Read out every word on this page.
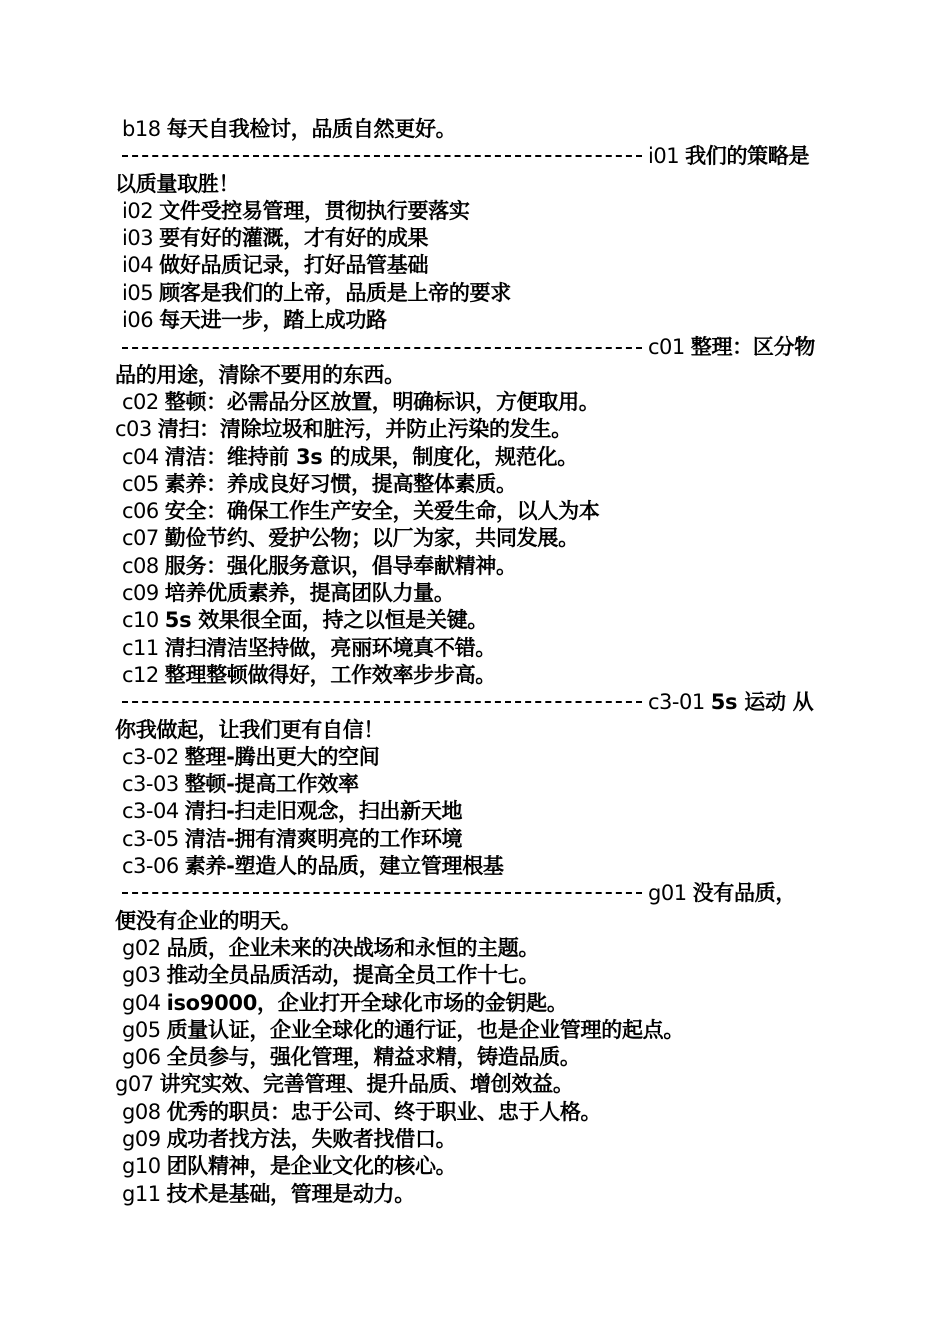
b18 每天自我检讨，品质自然更好。
i01 我们的策略是
以质量取胜！
i02 文件受控易管理，贯彻执行要落实
i03 要有好的灌溉，才有好的成果
i04 做好品质记录，打好品管基础
i05 顾客是我们的上帝，品质是上帝的要求
i06 每天进一步，踏上成功路
c01 整理：区分物
品的用途，清除不要用的东西。
c02 整顿：必需品分区放置，明确标识，方便取用。
c03 清扫：清除垃圾和脏污，并防止污染的发生。
c04 清洁：维持前 3s 的成果，制度化，规范化。
c05 素养：养成良好习惯，提高整体素质。
c06 安全：确保工作生产安全，关爱生命，以人为本
c07 勤俭节约、爱护公物；以厂为家，共同发展。
c08 服务：强化服务意识，倡导奉献精神。
c09 培养优质素养，提高团队力量。
c10 5s 效果很全面，持之以恒是关键。
c11 清扫清洁坚持做，亮丽环境真不错。
c12 整理整顿做得好，工作效率步步高。
c3-01 5s 运动 从
你我做起，让我们更有自信！
c3-02 整理-腾出更大的空间
c3-03 整顿-提高工作效率
c3-04 清扫-扫走旧观念，扫出新天地
c3-05 清洁-拥有清爽明亮的工作环境
c3-06 素养-塑造人的品质，建立管理根基
g01 没有品质，
便没有企业的明天。
g02 品质，企业未来的决战场和永恒的主题。
g03 推动全员品质活动，提高全员工作十七。
g04 iso9000，企业打开全球化市场的金钥匙。
g05 质量认证，企业全球化的通行证，也是企业管理的起点。
g06 全员参与，强化管理，精益求精，铸造品质。
g07 讲究实效、完善管理、提升品质、增创效益。
g08 优秀的职员：忠于公司、终于职业、忠于人格。
g09 成功者找方法，失败者找借口。
g10 团队精神，是企业文化的核心。
g11 技术是基础，管理是动力。
